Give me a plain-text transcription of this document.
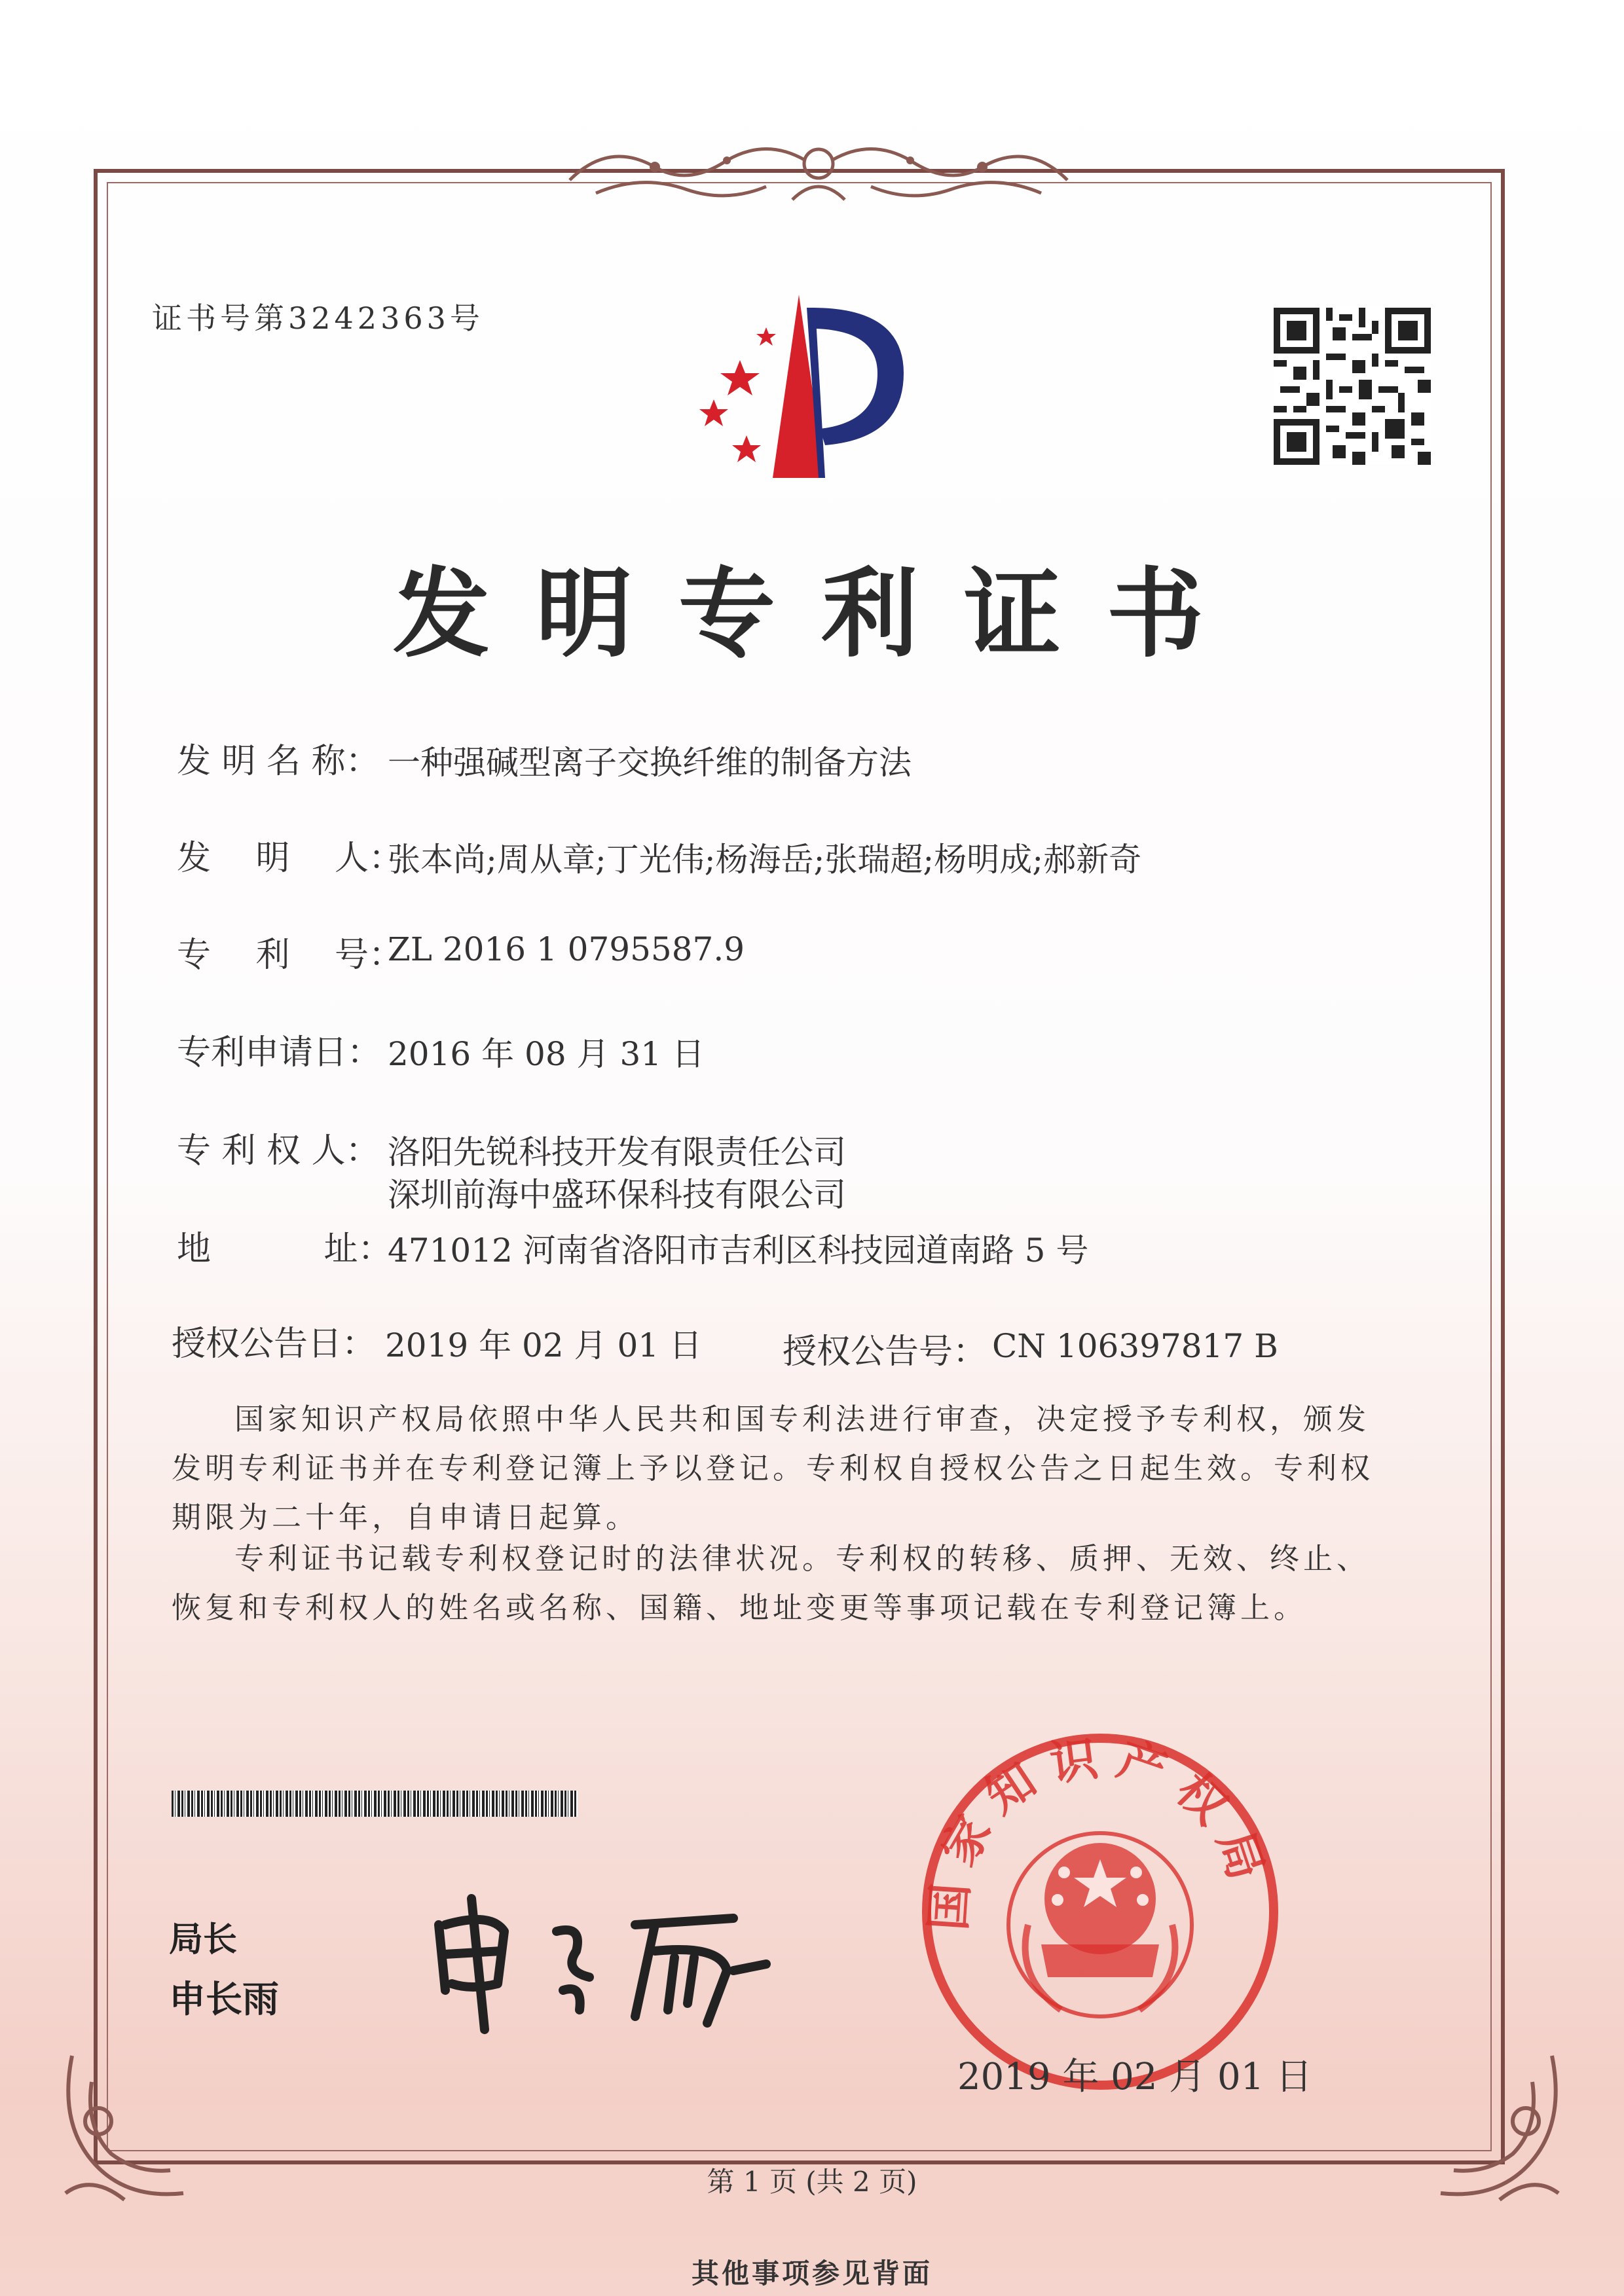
证书号第3242363号
发明专利证书
发 明 名 称： 一种强碱型离子交换纤维的制备方法
发　 明 　人：
张本尚;周从章;丁光伟;杨海岳;张瑞超;杨明成;郝新奇
专　 利　 号：
ZL 2016 1 0795587.9
专利申请日： 2016 年 08 月 31 日
专 利 权 人： 洛阳先锐科技开发有限责任公司
深圳前海中盛环保科技有限公司
地　　　 址：
471012 河南省洛阳市吉利区科技园道南路 5 号
授权公告日： 2019 年 02 月 01 日 授权公告号： CN 106397817 B
国家知识产权局依照中华人民共和国专利法进行审查，决定授予专利权，颁发发明专利证书并在专利登记簿上予以登记。专利权自授权公告之日起生效。专利权期限为二十年，自申请日起算。
专利证书记载专利权登记时的法律状况。专利权的转移、质押、无效、终止、恢复和专利权人的姓名或名称、国籍、地址变更等事项记载在专利登记簿上。
局长
申长雨
国家知识产权局
2019 年 02 月 01 日
第 1 页 (共 2 页)
其他事项参见背面
